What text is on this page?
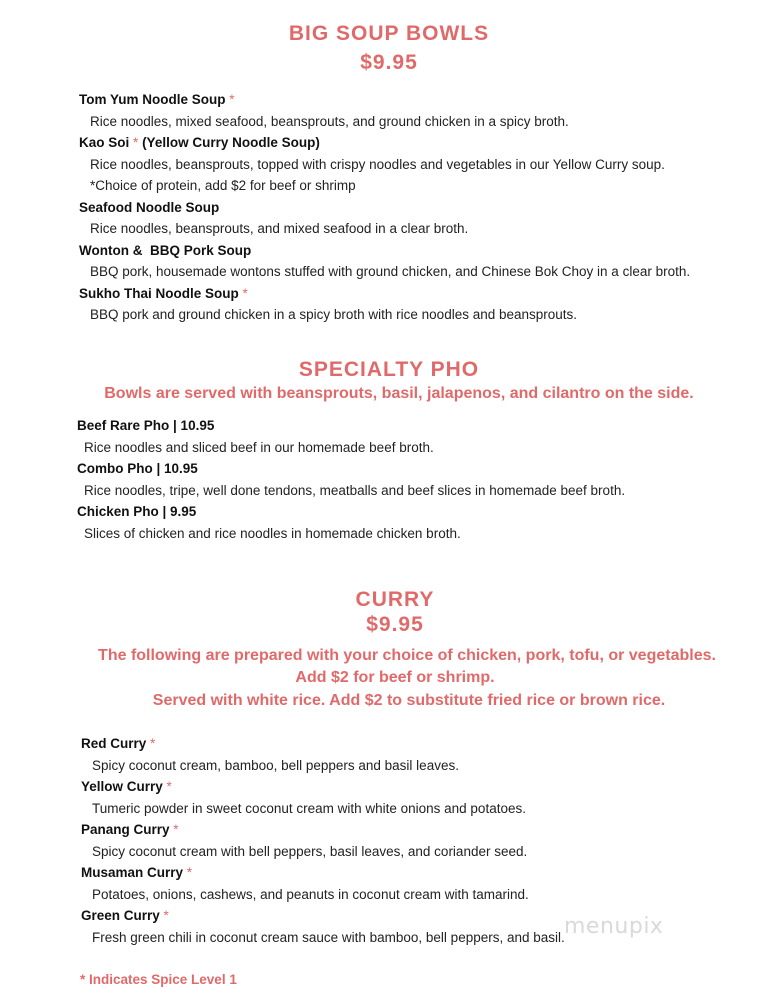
BIG SOUP BOWLS
$9.95
Tom Yum Noodle Soup *
Rice noodles, mixed seafood, beansprouts, and ground chicken in a spicy broth.
Kao Soi * (Yellow Curry Noodle Soup)
Rice noodles, beansprouts, topped with crispy noodles and vegetables in our Yellow Curry soup.
*Choice of protein, add $2 for beef or shrimp
Seafood Noodle Soup
Rice noodles, beansprouts, and mixed seafood in a clear broth.
Wonton &  BBQ Pork Soup
BBQ pork, housemade wontons stuffed with ground chicken, and Chinese Bok Choy in a clear broth.
Sukho Thai Noodle Soup *
BBQ pork and ground chicken in a spicy broth with rice noodles and beansprouts.
SPECIALTY PHO
Bowls are served with beansprouts, basil, jalapenos, and cilantro on the side.
Beef Rare Pho | 10.95
Rice noodles and sliced beef in our homemade beef broth.
Combo Pho | 10.95
Rice noodles, tripe, well done tendons, meatballs and beef slices in homemade beef broth.
Chicken Pho | 9.95
Slices of chicken and rice noodles in homemade chicken broth.
CURRY
$9.95
The following are prepared with your choice of chicken, pork, tofu, or vegetables.
Add $2 for beef or shrimp.
Served with white rice. Add $2 to substitute fried rice or brown rice.
Red Curry *
Spicy coconut cream, bamboo, bell peppers and basil leaves.
Yellow Curry *
Tumeric powder in sweet coconut cream with white onions and potatoes.
Panang Curry *
Spicy coconut cream with bell peppers, basil leaves, and coriander seed.
Musaman Curry *
Potatoes, onions, cashews, and peanuts in coconut cream with tamarind.
Green Curry *
Fresh green chili in coconut cream sauce with bamboo, bell peppers, and basil. menupix
* Indicates Spice Level 1
